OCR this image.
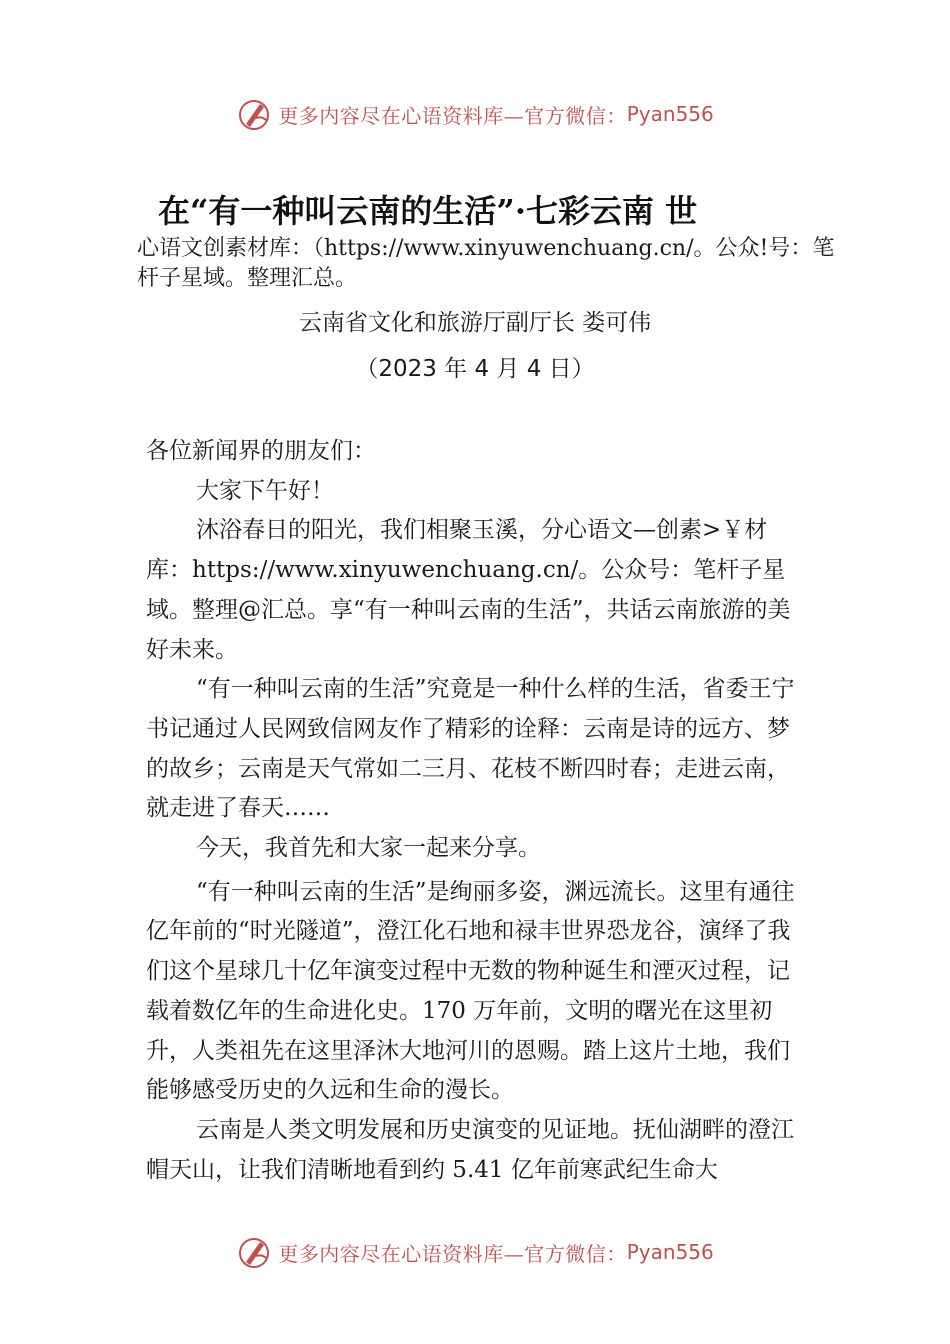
更多内容尽在心语资料库—官方微信： Pyan556
在“有一种叫云南的生活”·七彩云南 世
心语文创素材库：（https://www.xinyuwenchuang.cn/。公众!号：笔杆子星域。整理汇总。
云南省文化和旅游厅副厅长 娄可伟
（2023 年 4 月 4 日）

各位新闻界的朋友们：

大家下午好！

沐浴春日的阳光，我们相聚玉溪，分心语文—创素>￥材库：https://www.xinyuwenchuang.cn/。公众号：笔杆子星域。整理@汇总。享“有一种叫云南的生活”，共话云南旅游的美好未来。

“有一种叫云南的生活”究竟是一种什么样的生活，省委王宁书记通过人民网致信网友作了精彩的诠释：云南是诗的远方、梦的故乡；云南是天气常如二三月、花枝不断四时春；走进云南，就走进了春天……

今天，我首先和大家一起来分享。

“有一种叫云南的生活”是绚丽多姿，渊远流长。这里有通往亿年前的“时光隧道”，澄江化石地和禄丰世界恐龙谷，演绎了我们这个星球几十亿年演变过程中无数的物种诞生和湮灭过程，记载着数亿年的生命进化史。170 万年前，文明的曙光在这里初升，人类祖先在这里泽沐大地河川的恩赐。踏上这片土地，我们能够感受历史的久远和生命的漫长。

云南是人类文明发展和历史演变的见证地。抚仙湖畔的澄江帽天山，让我们清晰地看到约 5.41 亿年前寒武纪生命大

更多内容尽在心语资料库—官方微信： Pyan556
